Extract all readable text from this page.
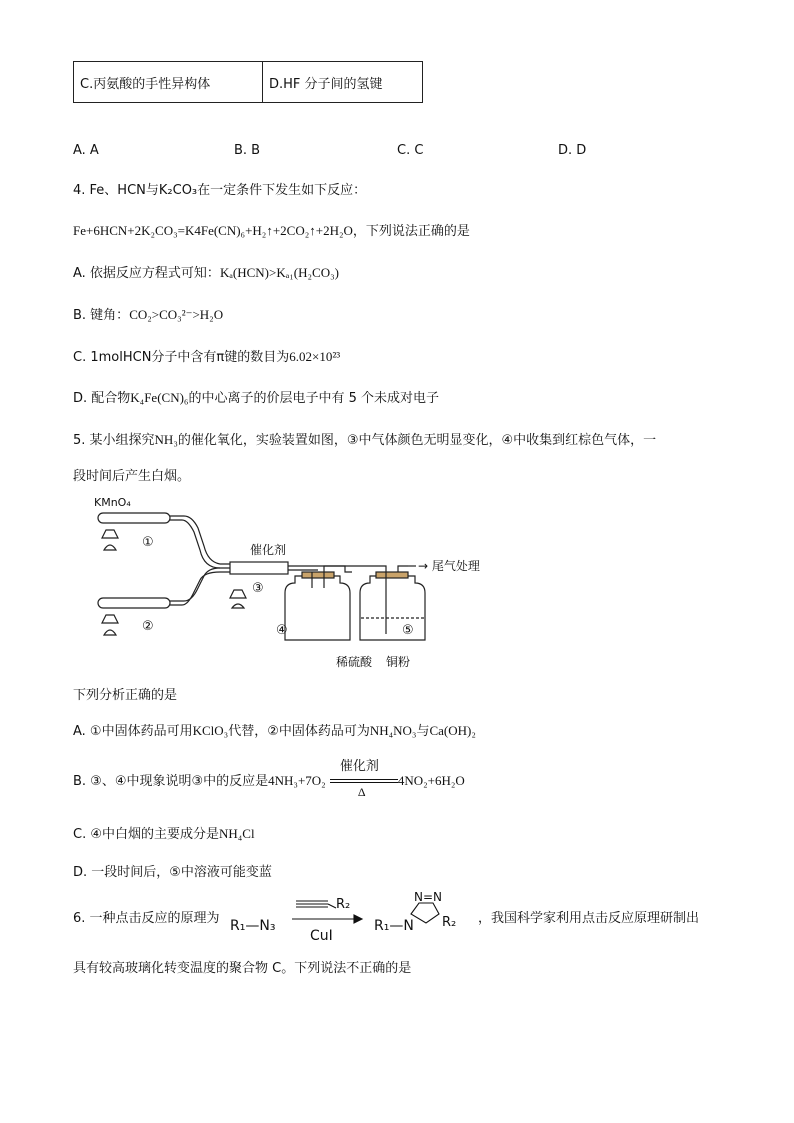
C.丙氨酸的手性异构体	D.HF 分子间的氢键
A. A	B. B	C. C	D. D
4. Fe、HCN与K₂CO₃在一定条件下发生如下反应：
Fe+6HCN+2K₂CO₃=K4Fe(CN)₆+H₂↑+2CO₂↑+2H₂O，下列说法正确的是
A. 依据反应方程式可知：Kₐ(HCN)>Kₐ₁(H₂CO₃)
B. 键角：CO₂>CO₃²⁻>H₂O
C. 1molHCN分子中含有π键的数目为6.02×10²³
D. 配合物K₄Fe(CN)₆的中心离子的价层电子中有 5 个未成对电子
5. 某小组探究NH₃的催化氧化，实验装置如图，③中气体颜色无明显变化，④中收集到红棕色气体，一
段时间后产生白烟。
KMnO₄
①
②
催化剂
③
→ 尾气处理
④	⑤
稀硫酸 铜粉
下列分析正确的是
A. ①中固体药品可用KClO₃代替，②中固体药品可为NH₄NO₃与Ca(OH)₂
B. ③、④中现象说明③中的反应是4NH₃+7O₂
催化剂
Δ
4NO₂+6H₂O
C. ④中白烟的主要成分是NH₄Cl
D. 一段时间后，⑤中溶液可能变蓝
6. 一种点击反应的原理为 R₁—N₃
R₂
CuI
R₁—N
N=N
R₂ ，我国科学家利用点击反应原理研制出
具有较高玻璃化转变温度的聚合物 C。下列说法不正确的是
